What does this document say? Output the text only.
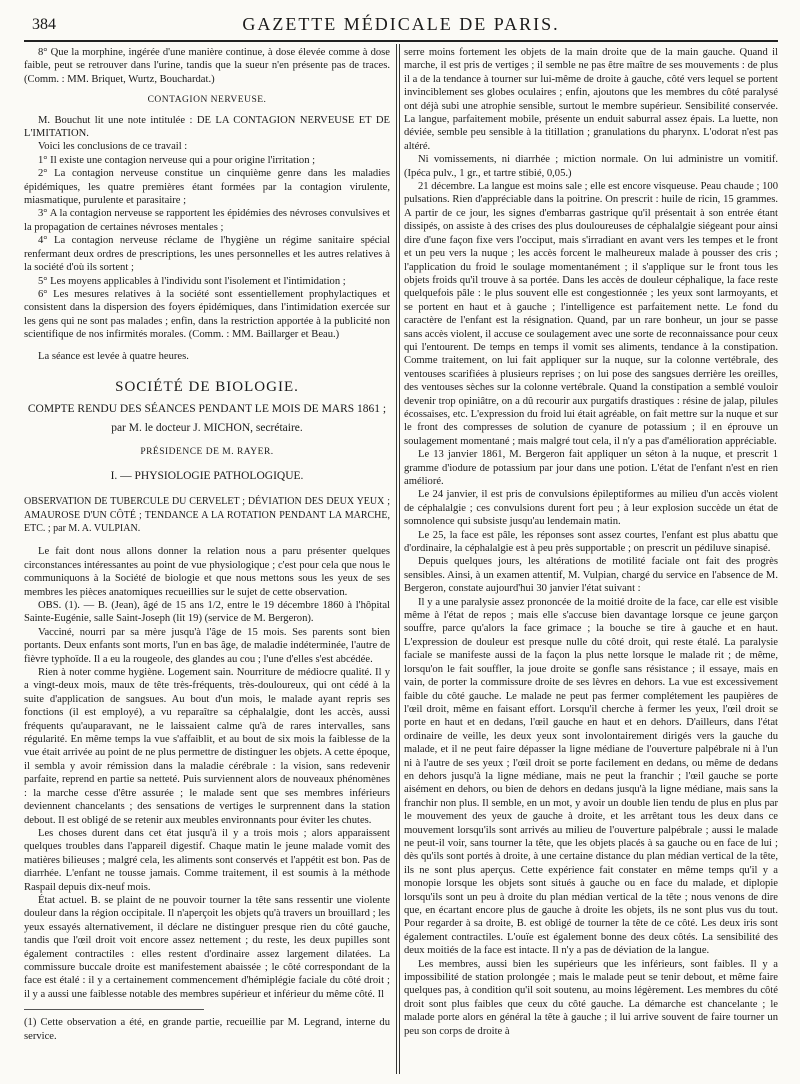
384	GAZETTE MÉDICALE DE PARIS.

8° Que la morphine, ingérée d'une manière continue, à dose élevée comme à dose faible, peut se retrouver dans l'urine, tandis que la sueur n'en présente pas de traces. (Comm. : MM. Briquet, Wurtz, Bouchardat.)

CONTAGION NERVEUSE.

M. Bouchut lit une note intitulée : DE LA CONTAGION NERVEUSE ET DE L'IMITATION.

Voici les conclusions de ce travail :

1° Il existe une contagion nerveuse qui a pour origine l'irritation ;

2° La contagion nerveuse constitue un cinquième genre dans les maladies épidémiques, les quatre premières étant formées par la contagion virulente, miasmatique, purulente et parasitaire ;

3° A la contagion nerveuse se rapportent les épidémies des névroses convulsives et la propagation de certaines névroses mentales ;

4° La contagion nerveuse réclame de l'hygiène un régime sanitaire spécial renfermant deux ordres de prescriptions, les unes personnelles et les autres relatives à la société d'où ils sortent ;

5° Les moyens applicables à l'individu sont l'isolement et l'intimidation ;

6° Les mesures relatives à la société sont essentiellement prophylactiques et consistent dans la dispersion des foyers épidémiques, dans l'intimidation exercée sur les gens qui ne sont pas malades ; enfin, dans la restriction apportée à la publicité non scientifique de nos infirmités morales. (Comm. : MM. Baillarger et Beau.)

La séance est levée à quatre heures.

SOCIÉTÉ DE BIOLOGIE.
COMPTE RENDU DES SÉANCES PENDANT LE MOIS DE MARS 1861 ;
par M. le docteur J. MICHON, secrétaire.
PRÉSIDENCE DE M. RAYER.
I. — PHYSIOLOGIE PATHOLOGIQUE.

OBSERVATION DE TUBERCULE DU CERVELET ; DÉVIATION DES DEUX YEUX ; AMAUROSE D'UN CÔTÉ ; TENDANCE A LA ROTATION PENDANT LA MARCHE, ETC. ; par M. A. VULPIAN.

Le fait dont nous allons donner la relation nous a paru présenter quelques circonstances intéressantes au point de vue physiologique ; c'est pour cela que nous le communiquons à la Société de biologie et que nous mettons sous les yeux de ses membres les pièces anatomiques recueillies sur le sujet de cette observation.

OBS. (1). — B. (Jean), âgé de 15 ans 1/2, entre le 19 décembre 1860 à l'hôpital Sainte-Eugénie, salle Saint-Joseph (lit 19) (service de M. Bergeron).

Vacciné, nourri par sa mère jusqu'à l'âge de 15 mois. Ses parents sont bien portants. Deux enfants sont morts, l'un en bas âge, de maladie indéterminée, l'autre de fièvre typhoïde. Il a eu la rougeole, des glandes au cou ; l'une d'elles s'est abcédée.

Rien à noter comme hygiène. Logement sain. Nourriture de médiocre qualité. Il y a vingt-deux mois, maux de tête très-fréquents, très-douloureux, qui ont cédé à la suite d'application de sangsues. Au bout d'un mois, le malade ayant repris ses fonctions (il est employé), a vu reparaître sa céphalalgie, dont les accès, aussi fréquents qu'auparavant, ne le laissaient calme qu'à de rares intervalles, sans régularité. En même temps la vue s'affaiblit, et au bout de six mois la faiblesse de la vue était arrivée au point de ne plus permettre de distinguer les objets. A cette époque, il sembla y avoir rémission dans la maladie cérébrale : la vision, sans redevenir parfaite, reprend en partie sa netteté. Puis surviennent alors de nouveaux phénomènes : la marche cesse d'être assurée ; le malade sent que ses membres inférieurs deviennent chancelants ; des sensations de vertiges le surprennent dans la station debout. Il est obligé de se retenir aux meubles environnants pour éviter les chutes.

Les choses durent dans cet état jusqu'à il y a trois mois ; alors apparaissent quelques troubles dans l'appareil digestif. Chaque matin le jeune malade vomit des matières bilieuses ; malgré cela, les aliments sont conservés et l'appétit est bon. Pas de diarrhée. L'enfant ne tousse jamais. Comme traitement, il est soumis à la méthode Raspail depuis dix-neuf mois.

État actuel. B. se plaint de ne pouvoir tourner la tête sans ressentir une violente douleur dans la région occipitale. Il n'aperçoit les objets qu'à travers un brouillard ; les yeux essayés alternativement, il déclare ne distinguer presque rien du côté gauche, tandis que l'œil droit voit encore assez nettement ; du reste, les deux pupilles sont également contractiles : elles restent d'ordinaire assez largement dilatées. La commissure buccale droite est manifestement abaissée ; le côté correspondant de la face est étalé : il y a certainement commencement d'hémiplégie faciale du côté droit ; il y a aussi une faiblesse notable des membres supérieur et inférieur du même côté. Il

(1) Cette observation a été, en grande partie, recueillie par M. Legrand, interne du service.

serre moins fortement les objets de la main droite que de la main gauche. Quand il marche, il est pris de vertiges ; il semble ne pas être maître de ses mouvements : de plus il a de la tendance à tourner sur lui-même de droite à gauche, côté vers lequel se portent invinciblement ses globes oculaires ; enfin, ajoutons que les membres du côté paralysé ont déjà subi une atrophie sensible, surtout le membre supérieur. Sensibilité conservée. La langue, parfaitement mobile, présente un enduit saburral assez épais. La luette, non déviée, semble peu sensible à la titillation ; granulations du pharynx. L'odorat n'est pas altéré.

Ni vomissements, ni diarrhée ; miction normale. On lui administre un vomitif. (Ipéca pulv., 1 gr., et tartre stibié, 0,05.)

21 décembre. La langue est moins sale ; elle est encore visqueuse. Peau chaude ; 100 pulsations. Rien d'appréciable dans la poitrine. On prescrit : huile de ricin, 15 grammes. A partir de ce jour, les signes d'embarras gastrique qu'il présentait à son entrée étant dissipés, on assiste à des crises des plus douloureuses de céphalalgie siégeant pour ainsi dire d'une façon fixe vers l'occiput, mais s'irradiant en avant vers les tempes et le front et un peu vers la nuque ; les accès forcent le malheureux malade à pousser des cris ; l'application du froid le soulage momentanément ; il s'applique sur le front tous les objets froids qu'il trouve à sa portée. Dans les accès de douleur céphalique, la face reste quelquefois pâle : le plus souvent elle est congestionnée ; les yeux sont larmoyants, et se portent en haut et à gauche ; l'intelligence est parfaitement nette. Le fond du caractère de l'enfant est la résignation. Quand, par un rare bonheur, un jour se passe sans accès violent, il accuse ce soulagement avec une sorte de reconnaissance pour ceux qui l'entourent. De temps en temps il vomit ses aliments, tendance à la constipation. Comme traitement, on lui fait appliquer sur la nuque, sur la colonne vertébrale, des ventouses scarifiées à plusieurs reprises ; on lui pose des sangsues derrière les oreilles, des ventouses sèches sur la colonne vertébrale. Quand la constipation a semblé vouloir devenir trop opiniâtre, on a dû recourir aux purgatifs drastiques : résine de jalap, pilules écossaises, etc. L'expression du froid lui était agréable, on fait mettre sur la nuque et sur le front des compresses de solution de cyanure de potassium ; il en éprouve un soulagement momentané ; mais malgré tout cela, il n'y a pas d'amélioration appréciable.

Le 13 janvier 1861, M. Bergeron fait appliquer un séton à la nuque, et prescrit 1 gramme d'iodure de potassium par jour dans une potion. L'état de l'enfant n'est en rien amélioré.

Le 24 janvier, il est pris de convulsions épileptiformes au milieu d'un accès violent de céphalalgie ; ces convulsions durent fort peu ; à leur explosion succède un état de somnolence qui subsiste jusqu'au lendemain matin.

Le 25, la face est pâle, les réponses sont assez courtes, l'enfant est plus abattu que d'ordinaire, la céphalalgie est à peu près supportable ; on prescrit un pédiluve sinapisé.

Depuis quelques jours, les altérations de motilité faciale ont fait des progrès sensibles. Ainsi, à un examen attentif, M. Vulpian, chargé du service en l'absence de M. Bergeron, constate aujourd'hui 30 janvier l'état suivant :

Il y a une paralysie assez prononcée de la moitié droite de la face, car elle est visible même à l'état de repos ; mais elle s'accuse bien davantage lorsque ce jeune garçon souffre, parce qu'alors la face grimace ; la bouche se tire à gauche et en haut. L'expression de douleur est presque nulle du côté droit, qui reste étalé. La paralysie faciale se manifeste aussi de la façon la plus nette lorsque le malade rit ; de même, lorsqu'on le fait souffler, la joue droite se gonfle sans résistance ; il essaye, mais en vain, de porter la commissure droite de ses lèvres en dehors. La vue est excessivement faible du côté gauche. Le malade ne peut pas fermer complétement les paupières de l'œil droit, même en faisant effort. Lorsqu'il cherche à fermer les yeux, l'œil droit se porte en haut et en dedans, l'œil gauche en haut et en dehors. D'ailleurs, dans l'état ordinaire de veille, les deux yeux sont involontairement dirigés vers la gauche du malade, et il ne peut faire dépasser la ligne médiane de l'ouverture palpébrale ni à l'un ni à l'autre de ses yeux ; l'œil droit se porte facilement en dedans, ou même de dedans en dehors jusqu'à la ligne médiane, mais ne peut la franchir ; l'œil gauche se porte aisément en dehors, ou bien de dehors en dedans jusqu'à la ligne médiane, mais sans la franchir non plus. Il semble, en un mot, y avoir un double lien tendu de plus en plus par le mouvement des yeux de gauche à droite, et les arrêtant tous les deux dans ce mouvement lorsqu'ils sont arrivés au milieu de l'ouverture palpébrale ; aussi le malade ne peut-il voir, sans tourner la tête, que les objets placés à sa gauche ou en face de lui ; dès qu'ils sont portés à droite, à une certaine distance du plan médian vertical de la tête, ils ne sont plus aperçus. Cette expérience fait constater en même temps qu'il y a monopie lorsque les objets sont situés à gauche ou en face du malade, et diplopie lorsqu'ils sont un peu à droite du plan médian vertical de la tête ; nous venons de dire que, en écartant encore plus de gauche à droite les objets, ils ne sont plus vus du tout. Pour regarder à sa droite, B. est obligé de tourner la tête de ce côté. Les deux iris sont également contractiles. L'ouïe est également bonne des deux côtés. La sensibilité des deux moitiés de la face est intacte. Il n'y a pas de déviation de la langue.

Les membres, aussi bien les supérieurs que les inférieurs, sont faibles. Il y a impossibilité de station prolongée ; mais le malade peut se tenir debout, et même faire quelques pas, à condition qu'il soit soutenu, au moins légèrement. Les membres du côté droit sont plus faibles que ceux du côté gauche. La démarche est chancelante ; le malade porte alors en général la tête à gauche ; il lui arrive souvent de faire tourner un peu son corps de droite à
